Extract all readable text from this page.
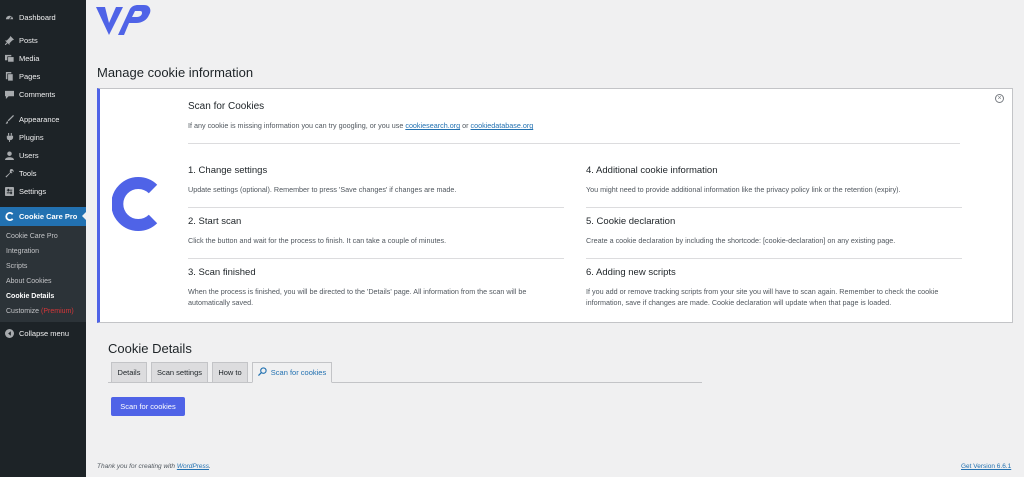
Dashboard
Posts
Media
Pages
Comments
Appearance
Plugins
Users
Tools
Settings
Cookie Care Pro
Cookie Care Pro
Integration
Scripts
About Cookies
Cookie Details
Customize (Premium)
Collapse menu
Manage cookie information
×
Scan for Cookies
If any cookie is missing information you can try googling, or you use cookiesearch.org or cookiedatabase.org
1. Change settings
Update settings (optional). Remember to press 'Save changes' if changes are made.
2. Start scan
Click the button and wait for the process to finish. It can take a couple of minutes.
3. Scan finished
When the process is finished, you will be directed to the 'Details' page. All information from the scan will be automatically saved.
4. Additional cookie information
You might need to provide additional information like the privacy policy link or the retention (expiry).
5. Cookie declaration
Create a cookie declaration by including the shortcode: [cookie-declaration] on any existing page.
6. Adding new scripts
If you add or remove tracking scripts from your site you will have to scan again. Remember to check the cookie information, save if changes are made. Cookie declaration will update when that page is loaded.
Cookie Details
Details	Scan settings	How to	Scan for cookies
Scan for cookies
Thank you for creating with WordPress.	Get Version 6.6.1
